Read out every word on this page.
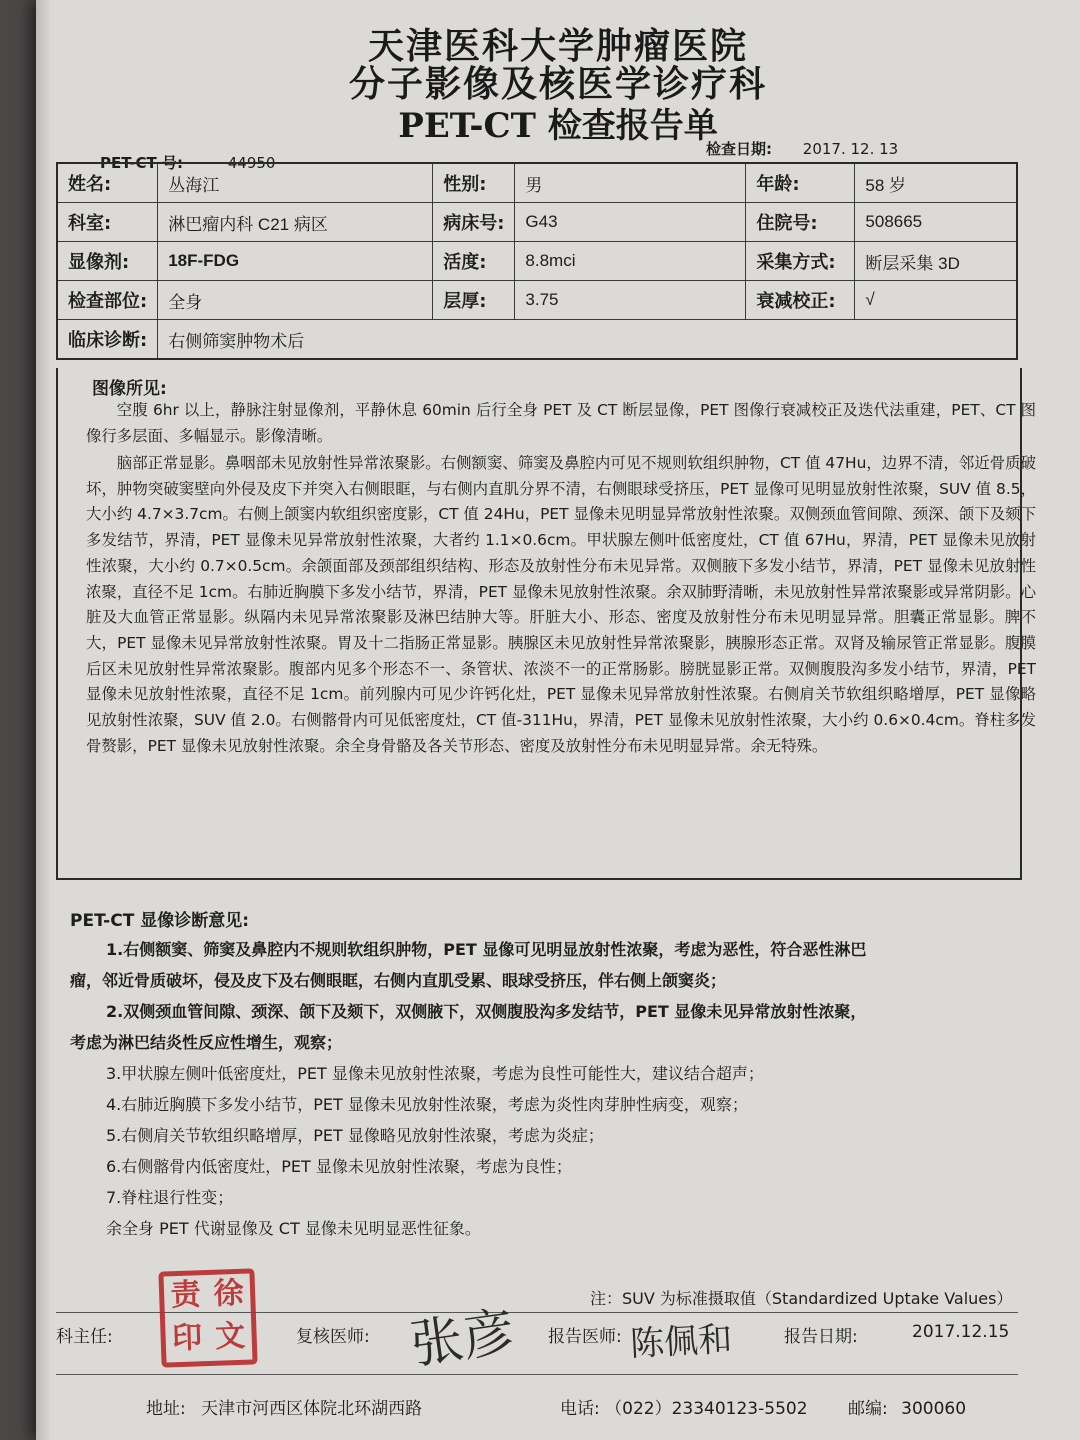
天津医科大学肿瘤医院
分子影像及核医学诊疗科
PET-CT 检查报告单
PET-CT 号:	44950
检查日期: 2017. 12. 13
姓名:	丛海江	性别:	男	年龄:	58 岁
科室:	淋巴瘤内科 C21 病区	病床号:	G43	住院号:	508665
显像剂:	18F-FDG	活度:	8.8mci	采集方式:	断层采集 3D
检查部位:	全身	层厚:	3.75	衰减校正:	√
临床诊断:	右侧筛窦肿物术后				
图像所见:
空腹 6hr 以上，静脉注射显像剂，平静休息 60min 后行全身 PET 及 CT 断层显像，PET 图像行衰减校正及迭代法重建，PET、CT 图像行多层面、多幅显示。影像清晰。
脑部正常显影。鼻咽部未见放射性异常浓聚影。右侧额窦、筛窦及鼻腔内可见不规则软组织肿物，CT 值 47Hu，边界不清，邻近骨质破坏，肿物突破窦壁向外侵及皮下并突入右侧眼眶，与右侧内直肌分界不清，右侧眼球受挤压，PET 显像可见明显放射性浓聚，SUV 值 8.5，大小约 4.7×3.7cm。右侧上颌窦内软组织密度影，CT 值 24Hu，PET 显像未见明显异常放射性浓聚。双侧颈血管间隙、颈深、颌下及颏下多发结节，界清，PET 显像未见异常放射性浓聚，大者约 1.1×0.6cm。甲状腺左侧叶低密度灶，CT 值 67Hu，界清，PET 显像未见放射性浓聚，大小约 0.7×0.5cm。余颌面部及颈部组织结构、形态及放射性分布未见异常。双侧腋下多发小结节，界清，PET 显像未见放射性浓聚，直径不足 1cm。右肺近胸膜下多发小结节，界清，PET 显像未见放射性浓聚。余双肺野清晰，未见放射性异常浓聚影或异常阴影。心脏及大血管正常显影。纵隔内未见异常浓聚影及淋巴结肿大等。肝脏大小、形态、密度及放射性分布未见明显异常。胆囊正常显影。脾不大，PET 显像未见异常放射性浓聚。胃及十二指肠正常显影。胰腺区未见放射性异常浓聚影，胰腺形态正常。双肾及输尿管正常显影。腹膜后区未见放射性异常浓聚影。腹部内见多个形态不一、条管状、浓淡不一的正常肠影。膀胱显影正常。双侧腹股沟多发小结节，界清，PET 显像未见放射性浓聚，直径不足 1cm。前列腺内可见少许钙化灶，PET 显像未见异常放射性浓聚。右侧肩关节软组织略增厚，PET 显像略见放射性浓聚，SUV 值 2.0。右侧髂骨内可见低密度灶，CT 值-311Hu，界清，PET 显像未见放射性浓聚，大小约 0.6×0.4cm。脊柱多发骨赘影，PET 显像未见放射性浓聚。余全身骨骼及各关节形态、密度及放射性分布未见明显异常。余无特殊。
PET-CT 显像诊断意见:
1.右侧额窦、筛窦及鼻腔内不规则软组织肿物，PET 显像可见明显放射性浓聚，考虑为恶性，符合恶性淋巴
瘤，邻近骨质破坏，侵及皮下及右侧眼眶，右侧内直肌受累、眼球受挤压，伴右侧上颌窦炎；
2.双侧颈血管间隙、颈深、颌下及颏下，双侧腋下，双侧腹股沟多发结节，PET 显像未见异常放射性浓聚，
考虑为淋巴结炎性反应性增生，观察；
3.甲状腺左侧叶低密度灶，PET 显像未见放射性浓聚，考虑为良性可能性大，建议结合超声；
4.右肺近胸膜下多发小结节，PET 显像未见放射性浓聚，考虑为炎性肉芽肿性病变，观察；
5.右侧肩关节软组织略增厚，PET 显像略见放射性浓聚，考虑为炎症；
6.右侧髂骨内低密度灶，PET 显像未见放射性浓聚，考虑为良性；
7.脊柱退行性变；
余全身 PET 代谢显像及 CT 显像未见明显恶性征象。
注：SUV 为标准摄取值（Standardized Uptake Values）
科主任:
责 徐
印 文	复核医师: 张彦 报告医师: 陈佩和	报告日期:	2017.12.15
地址: 天津市河西区体院北环湖西路	电话: （022）23340123-5502 邮编: 300060
